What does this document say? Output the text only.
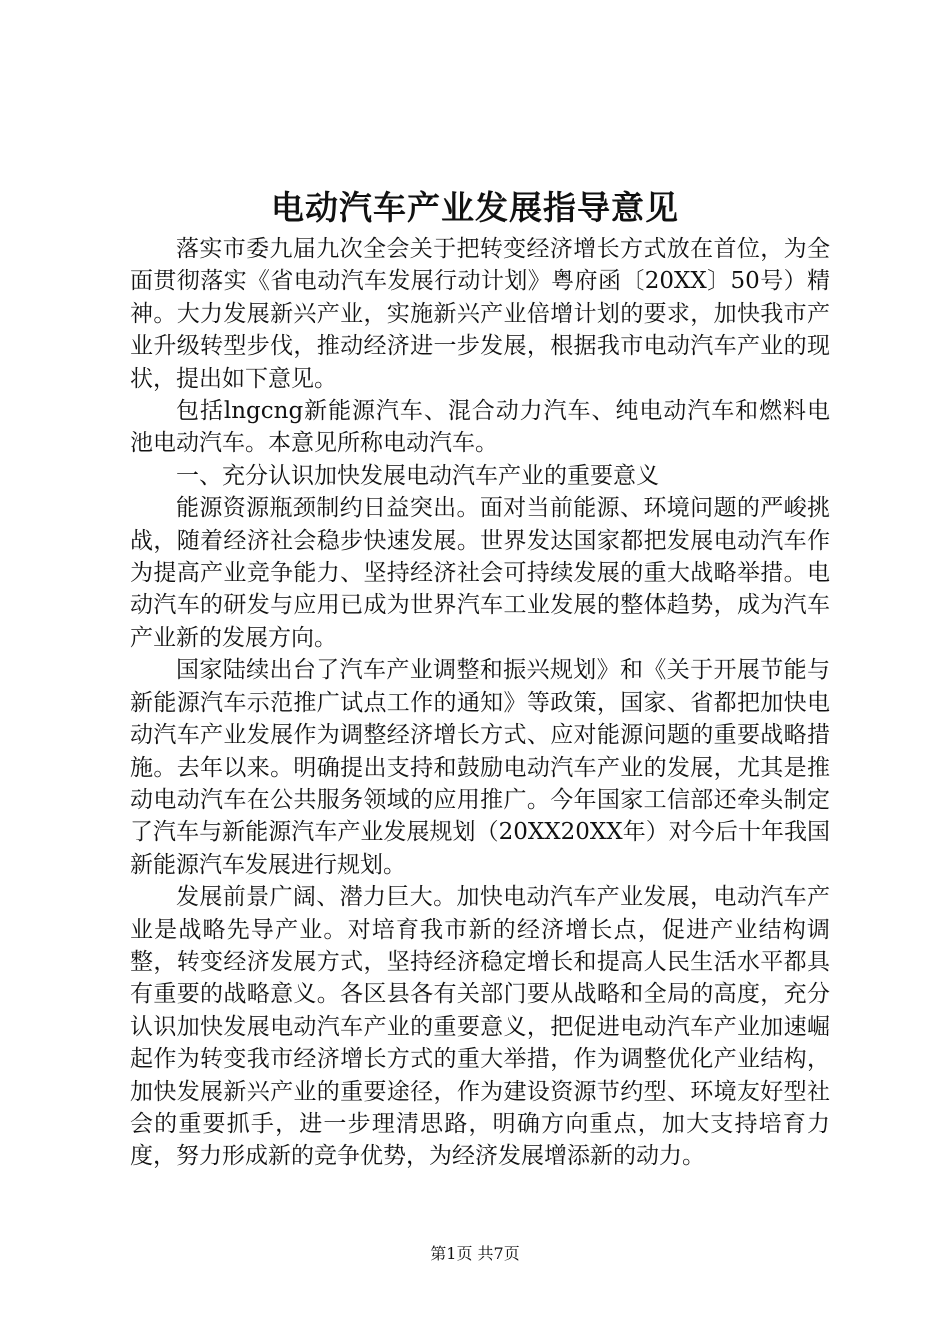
电动汽车产业发展指导意见

落实市委九届九次全会关于把转变经济增长方式放在首位，为全面贯彻落实《省电动汽车发展行动计划》粤府函〔20XX〕50号）精神。大力发展新兴产业，实施新兴产业倍增计划的要求，加快我市产业升级转型步伐，推动经济进一步发展，根据我市电动汽车产业的现状，提出如下意见。

包括lngcng新能源汽车、混合动力汽车、纯电动汽车和燃料电池电动汽车。本意见所称电动汽车。

一、充分认识加快发展电动汽车产业的重要意义

能源资源瓶颈制约日益突出。面对当前能源、环境问题的严峻挑战，随着经济社会稳步快速发展。世界发达国家都把发展电动汽车作为提高产业竞争能力、坚持经济社会可持续发展的重大战略举措。电动汽车的研发与应用已成为世界汽车工业发展的整体趋势，成为汽车产业新的发展方向。

国家陆续出台了汽车产业调整和振兴规划》和《关于开展节能与新能源汽车示范推广试点工作的通知》等政策，国家、省都把加快电动汽车产业发展作为调整经济增长方式、应对能源问题的重要战略措施。去年以来。明确提出支持和鼓励电动汽车产业的发展，尤其是推动电动汽车在公共服务领域的应用推广。今年国家工信部还牵头制定了汽车与新能源汽车产业发展规划（20XX20XX年）对今后十年我国新能源汽车发展进行规划。

发展前景广阔、潜力巨大。加快电动汽车产业发展，电动汽车产业是战略先导产业。对培育我市新的经济增长点，促进产业结构调整，转变经济发展方式，坚持经济稳定增长和提高人民生活水平都具有重要的战略意义。各区县各有关部门要从战略和全局的高度，充分认识加快发展电动汽车产业的重要意义，把促进电动汽车产业加速崛起作为转变我市经济增长方式的重大举措，作为调整优化产业结构，加快发展新兴产业的重要途径，作为建设资源节约型、环境友好型社会的重要抓手，进一步理清思路，明确方向重点，加大支持培育力度，努力形成新的竞争优势，为经济发展增添新的动力。

第1页 共7页
